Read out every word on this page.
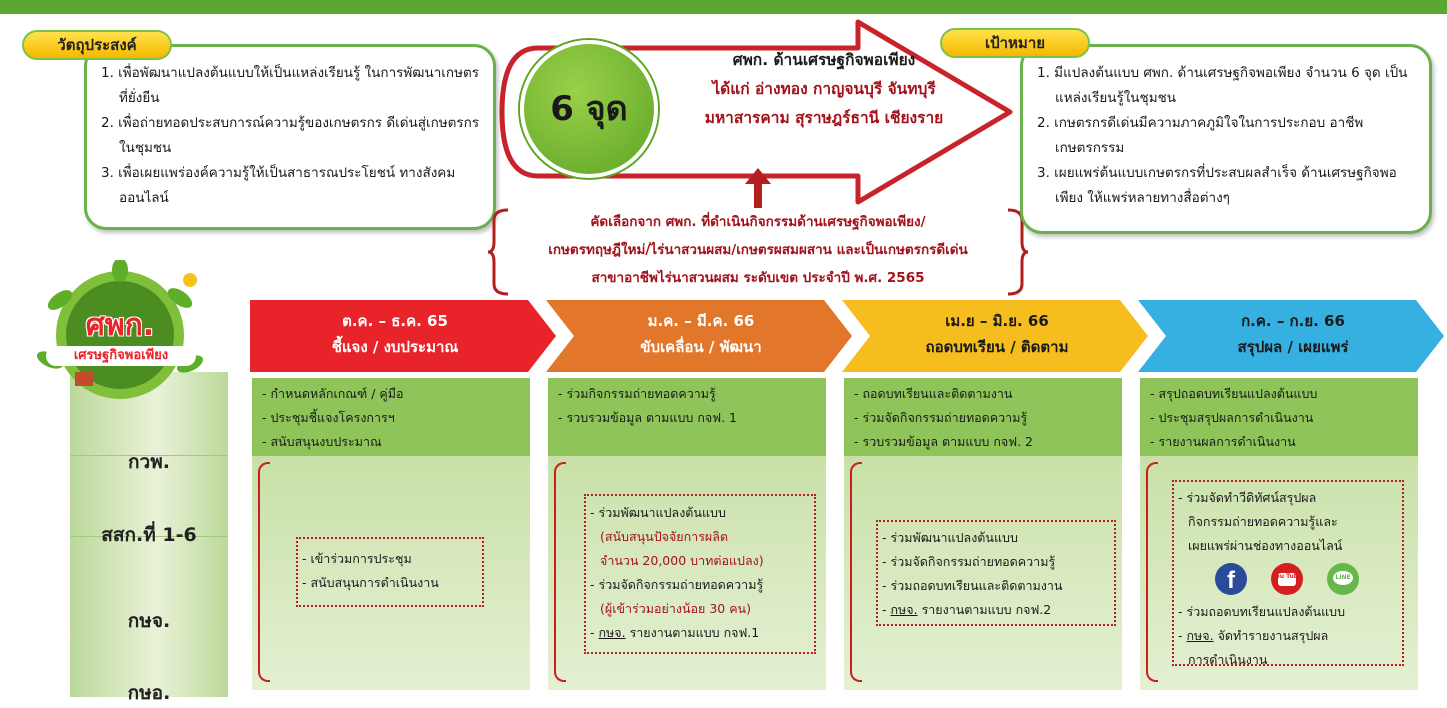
1. เพื่อพัฒนาแปลงต้นแบบให้เป็นแหล่งเรียนรู้ ในการพัฒนาเกษตรที่ยั่งยืน
2. เพื่อถ่ายทอดประสบการณ์ความรู้ของเกษตรกร ดีเด่นสู่เกษตรกรในชุมชน
3. เพื่อเผยแพร่องค์ความรู้ให้เป็นสาธารณประโยชน์ ทางสังคมออนไลน์
วัตถุประสงค์
6 จุด
ศพก. ด้านเศรษฐกิจพอเพียง
ได้แก่ อ่างทอง กาญจนบุรี จันทบุรี
มหาสารคาม สุราษฎร์ธานี เชียงราย
คัดเลือกจาก ศพก. ที่ดำเนินกิจกรรมด้านเศรษฐกิจพอเพียง/
เกษตรทฤษฎีใหม่/ไร่นาสวนผสม/เกษตรผสมผสาน และเป็นเกษตรกรดีเด่น
สาขาอาชีพไร่นาสวนผสม ระดับเขต ประจำปี พ.ศ. 2565
1. มีแปลงต้นแบบ ศพก. ด้านเศรษฐกิจพอเพียง จำนวน 6 จุด เป็นแหล่งเรียนรู้ในชุมชน
2. เกษตรกรดีเด่นมีความภาคภูมิใจในการประกอบ อาชีพเกษตรกรรม
3. เผยแพร่ต้นแบบเกษตรกรที่ประสบผลสำเร็จ ด้านเศรษฐกิจพอเพียง ให้แพร่หลายทางสื่อต่างๆ
เป้าหมาย
ศพก.
เศรษฐกิจพอเพียง
กวพ.
สสก.ที่ 1-6
กษจ.
กษอ.
ต.ค. – ธ.ค. 65
ชี้แจง / งบประมาณ
ม.ค. – มี.ค. 66
ขับเคลื่อน / พัฒนา
เม.ย – มิ.ย. 66
ถอดบทเรียน / ติดตาม
ก.ค. – ก.ย. 66
สรุปผล / เผยแพร่
- กำหนดหลักเกณฑ์ / คู่มือ
- ประชุมชี้แจงโครงการฯ
- สนับสนุนงบประมาณ
- เข้าร่วมการประชุม
- สนับสนุนการดำเนินงาน
- ร่วมกิจกรรมถ่ายทอดความรู้
- รวบรวมข้อมูล ตามแบบ กจฟ. 1
- ร่วมพัฒนาแปลงต้นแบบ
(สนับสนุนปัจจัยการผลิต
จำนวน 20,000 บาทต่อแปลง)
- ร่วมจัดกิจกรรมถ่ายทอดความรู้
(ผู้เข้าร่วมอย่างน้อย 30 คน)
- กษจ. รายงานตามแบบ กจฟ.1
- ถอดบทเรียนและติดตามงาน
- ร่วมจัดกิจกรรมถ่ายทอดความรู้
- รวบรวมข้อมูล ตามแบบ กจฟ. 2
- ร่วมพัฒนาแปลงต้นแบบ
- ร่วมจัดกิจกรรมถ่ายทอดความรู้
- ร่วมถอดบทเรียนและติดตามงาน
- กษจ. รายงานตามแบบ กจฟ.2
- สรุปถอดบทเรียนแปลงต้นแบบ
- ประชุมสรุปผลการดำเนินงาน
- รายงานผลการดำเนินงาน
- ร่วมจัดทำวีดิทัศน์สรุปผล
กิจกรรมถ่ายทอดความรู้และ
เผยแพร่ผ่านช่องทางออนไลน์
f	You Tube	LINE
- ร่วมถอดบทเรียนแปลงต้นแบบ
- กษจ. จัดทำรายงานสรุปผล
การดำเนินงาน
